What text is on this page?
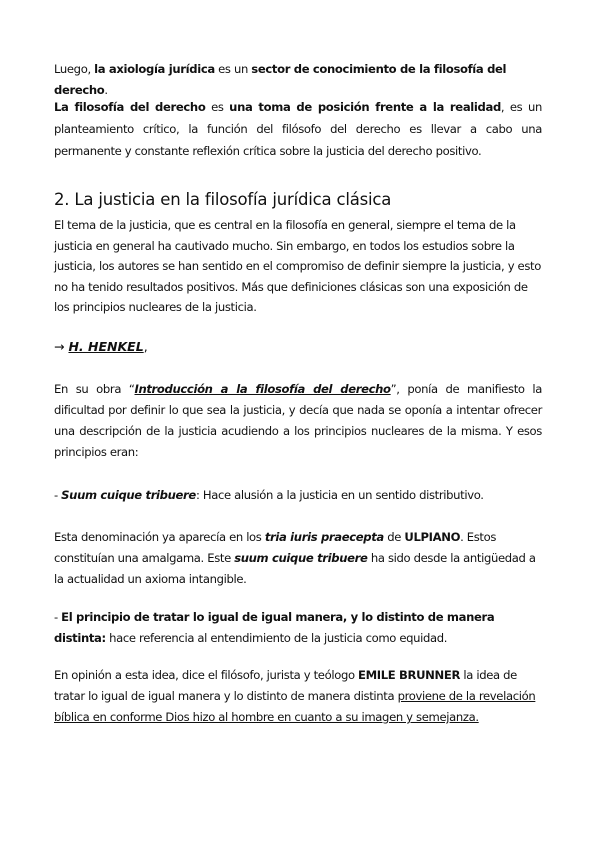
Luego, la axiología jurídica es un sector de conocimiento de la filosofía del derecho.

La filosofía del derecho es una toma de posición frente a la realidad, es un planteamiento crítico, la función del filósofo del derecho es llevar a cabo una permanente y constante reflexión crítica sobre la justicia del derecho positivo.

2. La justicia en la filosofía jurídica clásica

El tema de la justicia, que es central en la filosofía en general, siempre el tema de la justicia en general ha cautivado mucho. Sin embargo, en todos los estudios sobre la justicia, los autores se han sentido en el compromiso de definir siempre la justicia, y esto no ha tenido resultados positivos. Más que definiciones clásicas son una exposición de los principios nucleares de la justicia.

→ H. HENKEL,

En su obra “Introducción a la filosofía del derecho”, ponía de manifiesto la dificultad por definir lo que sea la justicia, y decía que nada se oponía a intentar ofrecer una descripción de la justicia acudiendo a los principios nucleares de la misma. Y esos principios eran:

- Suum cuique tribuere: Hace alusión a la justicia en un sentido distributivo.

Esta denominación ya aparecía en los tria iuris praecepta de ULPIANO. Estos constituían una amalgama. Este suum cuique tribuere ha sido desde la antigüedad a la actualidad un axioma intangible.

- El principio de tratar lo igual de igual manera, y lo distinto de manera distinta: hace referencia al entendimiento de la justicia como equidad.

En opinión a esta idea, dice el filósofo, jurista y teólogo EMILE BRUNNER la idea de tratar lo igual de igual manera y lo distinto de manera distinta proviene de la revelación bíblica en conforme Dios hizo al hombre en cuanto a su imagen y semejanza.
